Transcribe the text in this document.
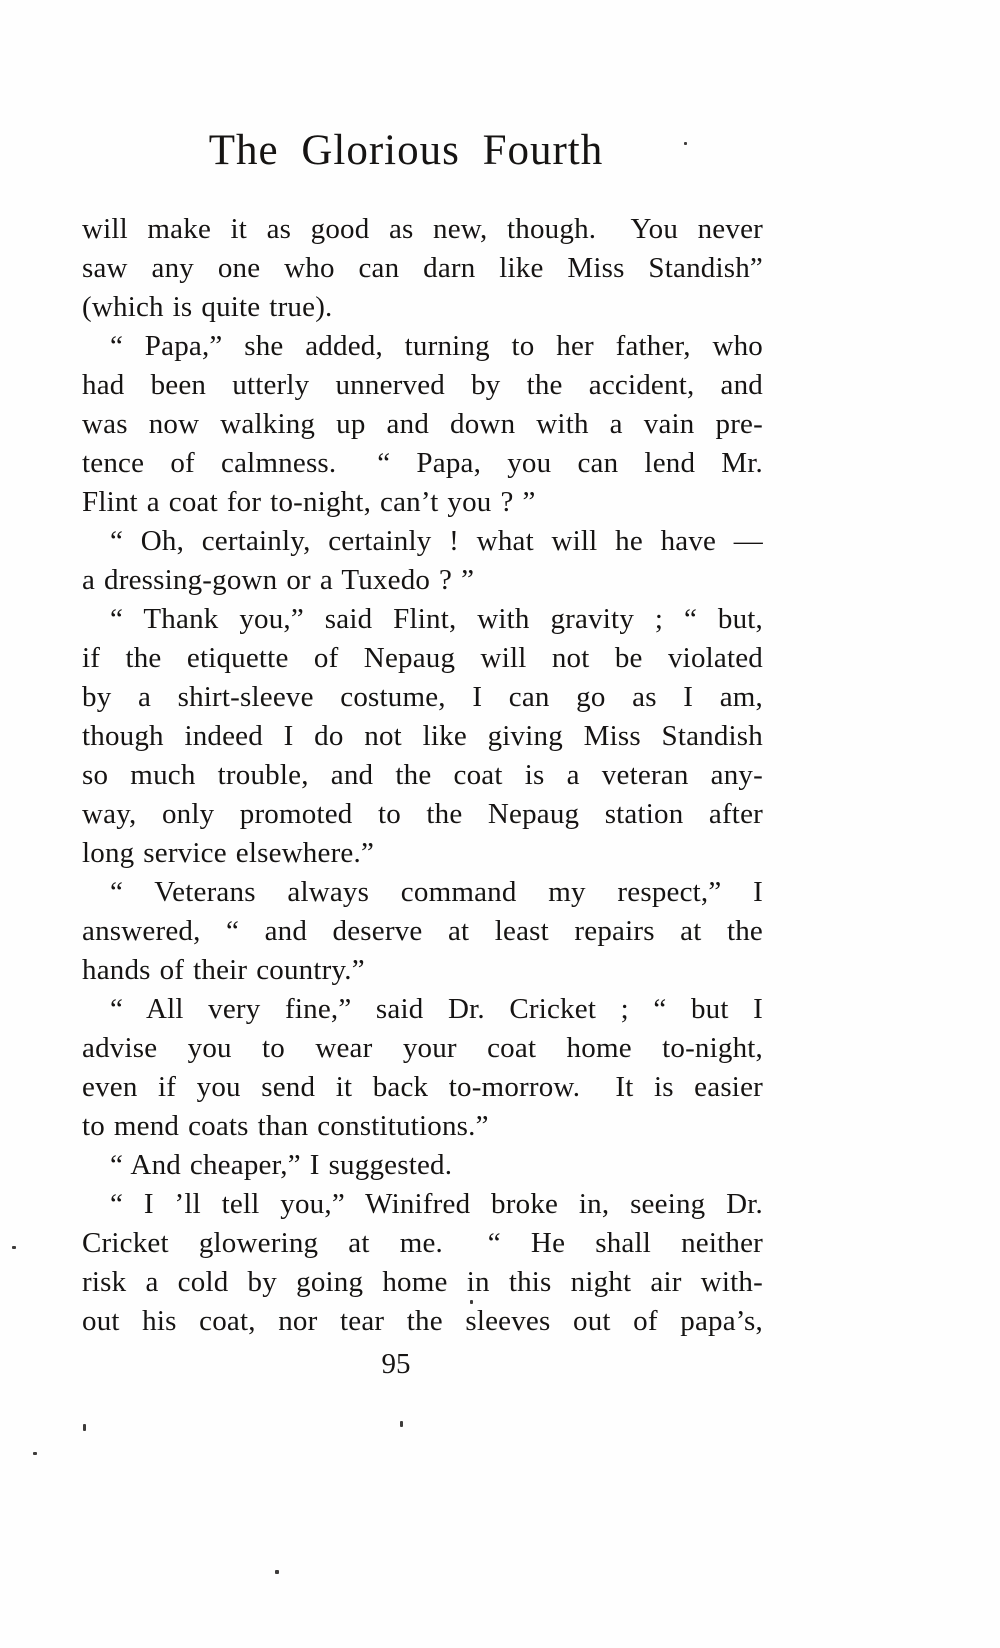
The Glorious Fourth
will make it as good as new, though.  You never
saw any one who can darn like Miss Standish”
(which is quite true).
“ Papa,” she added, turning to her father, who
had been utterly unnerved by the accident, and
was now walking up and down with a vain pre-
tence of calmness.  “ Papa, you can lend Mr.
Flint a coat for to-night, can’t you ? ”
“ Oh, certainly, certainly ! what will he have —
a dressing-gown or a Tuxedo ? ”
“ Thank you,” said Flint, with gravity ; “ but,
if the etiquette of Nepaug will not be violated
by a shirt-sleeve costume, I can go as I am,
though indeed I do not like giving Miss Standish
so much trouble, and the coat is a veteran any-
way, only promoted to the Nepaug station after
long service elsewhere.”
“ Veterans always command my respect,” I
answered, “ and deserve at least repairs at the
hands of their country.”
“ All very fine,” said Dr. Cricket ; “ but I
advise you to wear your coat home to-night,
even if you send it back to-morrow.  It is easier
to mend coats than constitutions.”
“ And cheaper,” I suggested.
“ I ’ll tell you,” Winifred broke in, seeing Dr.
Cricket glowering at me.  “ He shall neither
risk a cold by going home in this night air with-
out his coat, nor tear the sleeves out of papa’s,
95
